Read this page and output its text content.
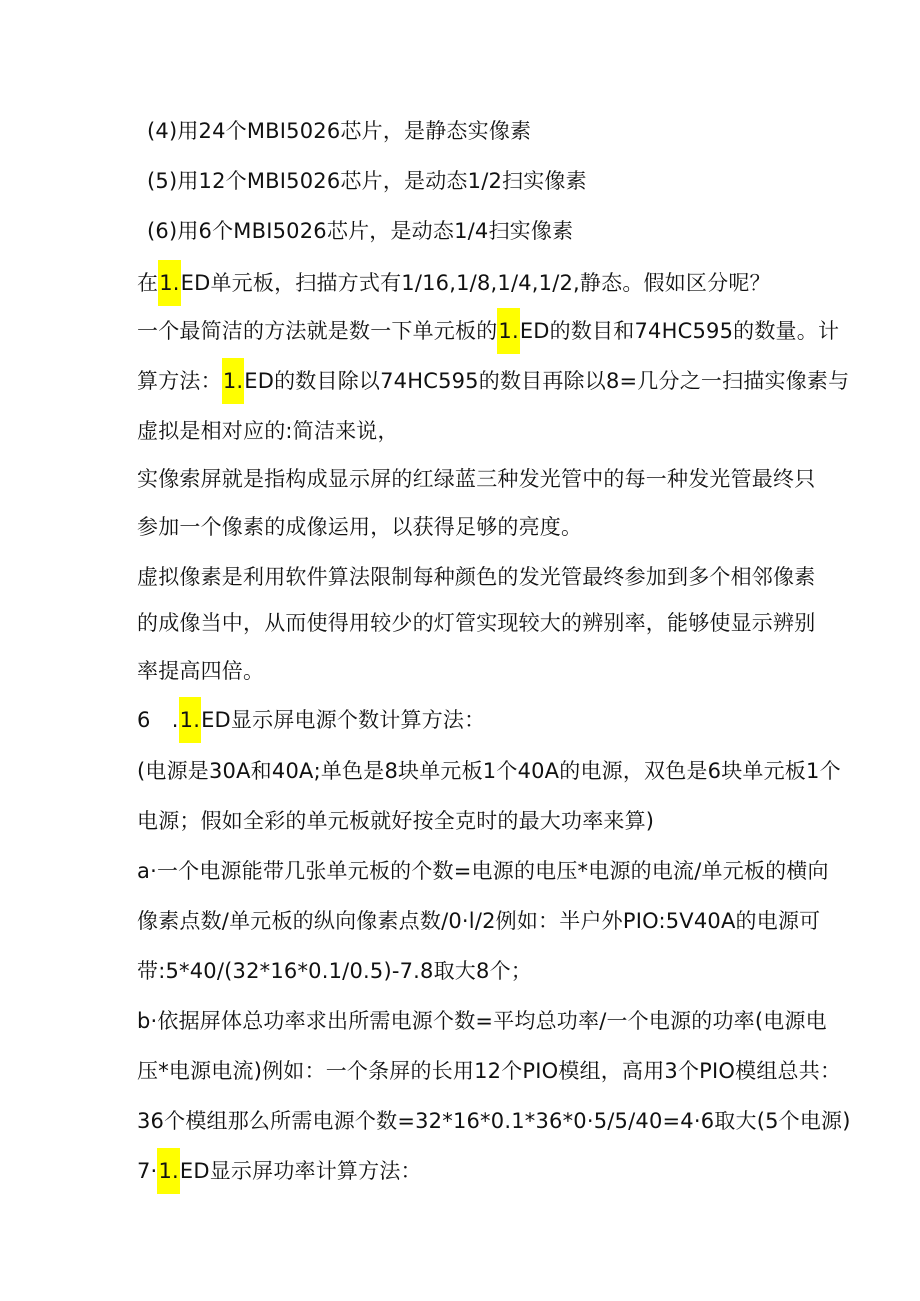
(4)用24个MBI5026芯片，是静态实像素
(5)用12个MBI5026芯片，是动态1/2扫实像素
(6)用6个MBI5026芯片，是动态1/4扫实像素
在1.ED单元板，扫描方式有1/16,1/8,1/4,1/2,静态。假如区分呢？
一个最简洁的方法就是数一下单元板的1.ED的数目和74HC595的数量。计
算方法：1.ED的数目除以74HC595的数目再除以8=几分之一扫描实像素与
虚拟是相对应的:简洁来说，
实像索屏就是指构成显示屏的红绿蓝三种发光管中的每一种发光管最终只
参加一个像素的成像运用，以获得足够的亮度。
虚拟像素是利用软件算法限制每种颜色的发光管最终参加到多个相邻像素
的成像当中，从而使得用较少的灯管实现较大的辨别率，能够使显示辨别
率提高四倍。
6　.1.ED显示屏电源个数计算方法：
(电源是30A和40A;单色是8块单元板1个40A的电源，双色是6块单元板1个
电源；假如全彩的单元板就好按全克时的最大功率来算)
a·一个电源能带几张单元板的个数=电源的电压*电源的电流/单元板的横向
像素点数/单元板的纵向像素点数/0·l/2例如：半户外PIO:5V40A的电源可
带:5*40/(32*16*0.1/0.5)-7.8取大8个；
b·依据屏体总功率求出所需电源个数=平均总功率/一个电源的功率(电源电
压*电源电流)例如：一个条屏的长用12个PIO模组，高用3个PIO模组总共：
36个模组那么所需电源个数=32*16*0.1*36*0·5/5/40=4·6取大(5个电源)
7·1.ED显示屏功率计算方法：
